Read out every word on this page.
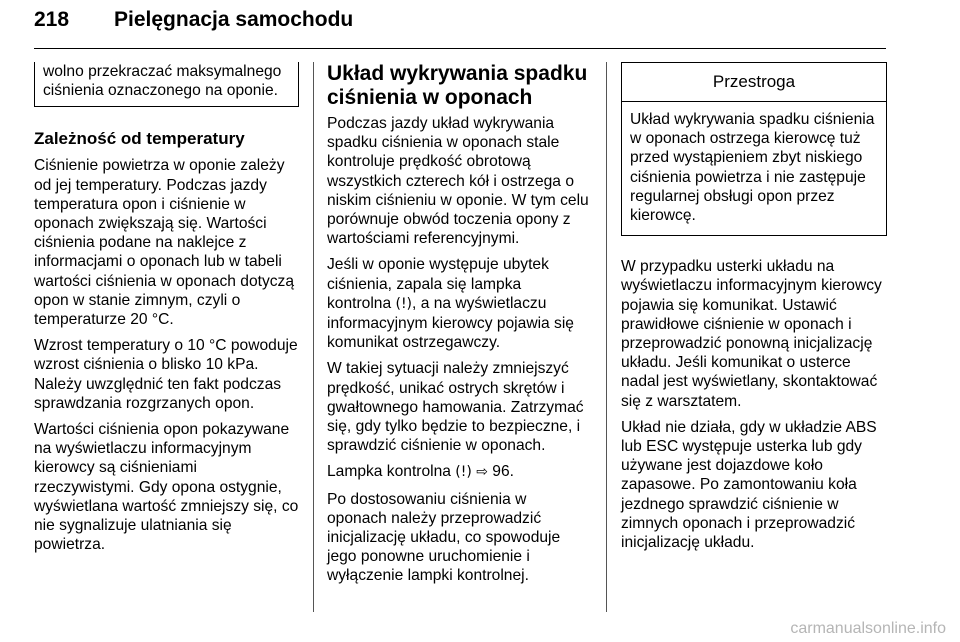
218 Pielęgnacja samochodu

wolno przekraczać maksymalnego ciśnienia oznaczonego na oponie.

Zależność od temperatury

Ciśnienie powietrza w oponie zależy od jej temperatury. Podczas jazdy temperatura opon i ciśnienie w oponach zwiększają się. Wartości ciśnienia podane na naklejce z informacjami o oponach lub w tabeli wartości ciśnienia w oponach dotyczą opon w stanie zimnym, czyli o temperaturze 20 °C.

Wzrost temperatury o 10 °C powoduje wzrost ciśnienia o blisko 10 kPa. Należy uwzględnić ten fakt podczas sprawdzania rozgrzanych opon.

Wartości ciśnienia opon pokazywane na wyświetlaczu informacyjnym kierowcy są ciśnieniami rzeczywistymi. Gdy opona ostygnie, wyświetlana wartość zmniejszy się, co nie sygnalizuje ulatniania się powietrza.

Układ wykrywania spadku ciśnienia w oponach

Podczas jazdy układ wykrywania spadku ciśnienia w oponach stale kontroluje prędkość obrotową wszystkich czterech kół i ostrzega o niskim ciśnieniu w oponie. W tym celu porównuje obwód toczenia opony z wartościami referencyjnymi.

Jeśli w oponie występuje ubytek ciśnienia, zapala się lampka kontrolna (!), a na wyświetlaczu informacyjnym kierowcy pojawia się komunikat ostrzegawczy.

W takiej sytuacji należy zmniejszyć prędkość, unikać ostrych skrętów i gwałtownego hamowania. Zatrzymać się, gdy tylko będzie to bezpieczne, i sprawdzić ciśnienie w oponach.

Lampka kontrolna (!) ⇨ 96.

Po dostosowaniu ciśnienia w oponach należy przeprowadzić inicjalizację układu, co spowoduje jego ponowne uruchomienie i wyłączenie lampki kontrolnej.

Przestroga

Układ wykrywania spadku ciśnienia w oponach ostrzega kierowcę tuż przed wystąpieniem zbyt niskiego ciśnienia powietrza i nie zastępuje regularnej obsługi opon przez kierowcę.

W przypadku usterki układu na wyświetlaczu informacyjnym kierowcy pojawia się komunikat. Ustawić prawidłowe ciśnienie w oponach i przeprowadzić ponowną inicjalizację układu. Jeśli komunikat o usterce nadal jest wyświetlany, skontaktować się z warsztatem.

Układ nie działa, gdy w układzie ABS lub ESC występuje usterka lub gdy używane jest dojazdowe koło zapasowe. Po zamontowaniu koła jezdnego sprawdzić ciśnienie w zimnych oponach i przeprowadzić inicjalizację układu.

carmanualsonline.info
